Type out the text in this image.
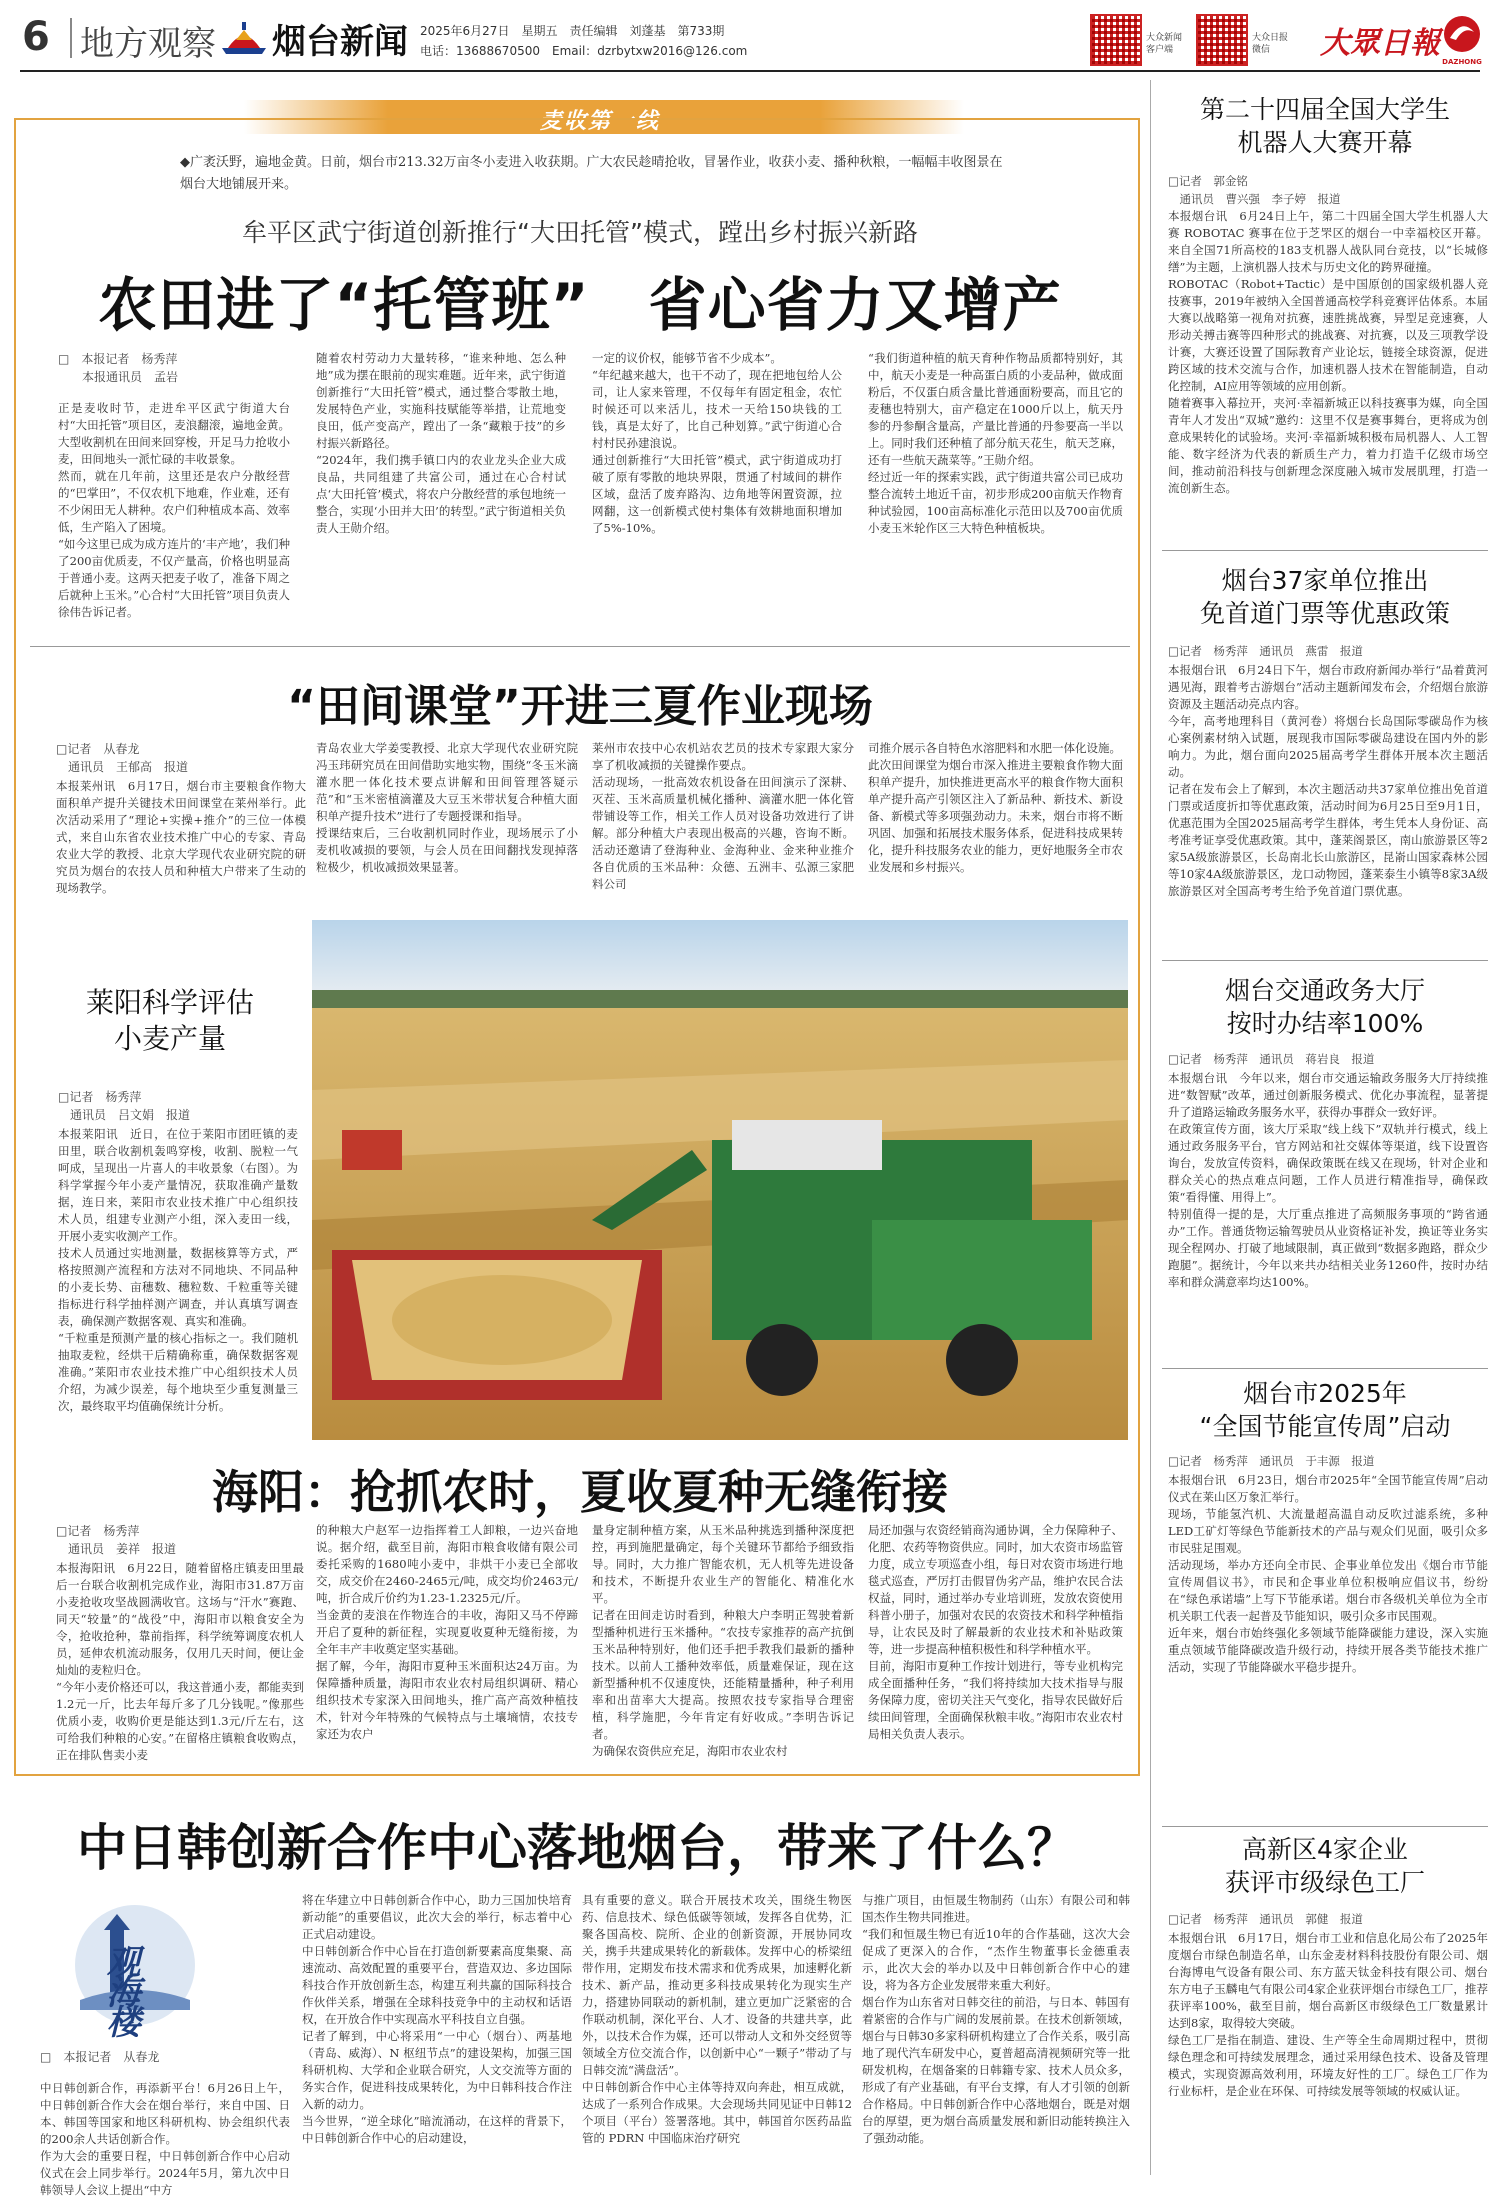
6 地方观察 烟台新闻 2025年6月27日　星期五　责任编辑　刘蓬基　第733期
电话：13688670500　Email：dzrbytxw2016@126.com
大众新闻
客户端
大众日报
微信	大眾日報
DAZHONG
麦收第一线
◆广袤沃野，遍地金黄。日前，烟台市213.32万亩冬小麦进入收获期。广大农民趁晴抢收，冒暑作业，收获小麦、播种秋粮，一幅幅丰收图景在烟台大地铺展开来。
牟平区武宁街道创新推行“大田托管”模式，蹚出乡村振兴新路
农田进了“托管班”　省心省力又增产
□　本报记者　杨秀萍
　　本报通讯员　孟岩
正是麦收时节，走进牟平区武宁街道大台村“大田托管”项目区，麦浪翻滚，遍地金黄。大型收割机在田间来回穿梭，开足马力抢收小麦，田间地头一派忙碌的丰收景象。
然而，就在几年前，这里还是农户分散经营的“巴掌田”，不仅农机下地难，作业难，还有不少闲田无人耕种。农户们种植成本高、效率低，生产陷入了困境。
“如今这里已成为成方连片的‘丰产地’，我们种了200亩优质麦，不仅产量高，价格也明显高于普通小麦。这两天把麦子收了，准备下周之后就种上玉米。”心合村“大田托管”项目负责人徐伟告诉记者。
随着农村劳动力大量转移，“谁来种地、怎么种地”成为摆在眼前的现实难题。近年来，武宁街道创新推行“大田托管”模式，通过整合零散土地，发展特色产业，实施科技赋能等举措，让荒地变良田，低产变高产，蹚出了一条“藏粮于技”的乡村振兴新路径。
“2024年，我们携手镇口内的农业龙头企业大成良品，共同组建了共富公司，通过在心合村试点‘大田托管’模式，将农户分散经营的承包地统一整合，实现‘小田并大田’的转型。”武宁街道相关负责人王勋介绍。
一定的议价权，能够节省不少成本”。
“年纪越来越大，也干不动了，现在把地包给人公司，让人家来管理，不仅每年有固定租金，农忙时候还可以来活儿，技术一天给150块钱的工钱，真是太好了，比自己种划算。”武宁街道心合村村民孙建浪说。
通过创新推行“大田托管”模式，武宁街道成功打破了原有零散的地块界限，贯通了村域间的耕作区域，盘活了废弃路沟、边角地等闲置资源，拉网翻，这一创新模式使村集体有效耕地面积增加了5%-10%。
“我们街道种植的航天育种作物品质都特别好，其中，航天小麦是一种高蛋白质的小麦品种，做成面粉后，不仅蛋白质含量比普通面粉要高，而且它的麦穗也特别大，亩产稳定在1000斤以上，航天丹参的丹参酮含量高，产量比普通的丹参要高一半以上。同时我们还种植了部分航天花生，航天芝麻，还有一些航天蔬菜等。”王勋介绍。
经过近一年的探索实践，武宁街道共富公司已成功整合流转土地近千亩，初步形成200亩航天作物育种试验园，100亩高标准化示范田以及700亩优质小麦玉米轮作区三大特色种植板块。
“田间课堂”开进三夏作业现场
□记者　从春龙
　通讯员　王郁高　报道
本报莱州讯　6月17日，烟台市主要粮食作物大面积单产提升关键技术田间课堂在莱州举行。此次活动采用了“理论+实操+推介”的三位一体模式，来自山东省农业技术推广中心的专家、青岛农业大学的教授、北京大学现代农业研究院的研究员为烟台的农技人员和种植大户带来了生动的现场教学。
青岛农业大学姜雯教授、北京大学现代农业研究院冯玉玮研究员在田间借助实地实物，围绕“冬玉米滴灌水肥一体化技术要点讲解和田间管理答疑示范”和“玉米密植滴灌及大豆玉米带状复合种植大面积单产提升技术”进行了专题授课和指导。
授课结束后，三台收割机同时作业，现场展示了小麦机收减损的要领，与会人员在田间翻找发现掉落粒极少，机收减损效果显著。
莱州市农技中心农机站农艺员的技术专家跟大家分享了机收减损的关键操作要点。
活动现场，一批高效农机设备在田间演示了深耕、灭茬、玉米高质量机械化播种、滴灌水肥一体化管带铺设等工作，相关工作人员对设备功效进行了讲解。部分种植大户表现出极高的兴趣，咨询不断。活动还邀请了登海种业、金海种业、金来种业推介各自优质的玉米品种：众德、五洲丰、弘源三家肥料公司
司推介展示各自特色水溶肥料和水肥一体化设施。
此次田间课堂为烟台市深入推进主要粮食作物大面积单产提升，加快推进更高水平的粮食作物大面积单产提升高产引领区注入了新品种、新技术、新设备、新模式等多项强劲动力。未来，烟台市将不断巩固、加强和拓展技术服务体系，促进科技成果转化，提升科技服务农业的能力，更好地服务全市农业发展和乡村振兴。
莱阳科学评估
小麦产量
□记者　杨秀萍
　通讯员　吕文娟　报道
本报莱阳讯　近日，在位于莱阳市团旺镇的麦田里，联合收割机轰鸣穿梭，收割、脱粒一气呵成，呈现出一片喜人的丰收景象（右图）。为科学掌握今年小麦产量情况，获取准确产量数据，连日来，莱阳市农业技术推广中心组织技术人员，组建专业测产小组，深入麦田一线，开展小麦实收测产工作。
技术人员通过实地测量，数据核算等方式，严格按照测产流程和方法对不同地块、不同品种的小麦长势、亩穗数、穗粒数、千粒重等关键指标进行科学抽样测产调查，并认真填写调查表，确保测产数据客观、真实和准确。
“千粒重是预测产量的核心指标之一。我们随机抽取麦粒，经烘干后精确称重，确保数据客观准确。”莱阳市农业技术推广中心组织技术人员介绍，为减少误差，每个地块至少重复测量三次，最终取平均值确保统计分析。
海阳：抢抓农时，夏收夏种无缝衔接
□记者　杨秀萍
　通讯员　姜祥　报道
本报海阳讯　6月22日，随着留格庄镇麦田里最后一台联合收割机完成作业，海阳市31.87万亩小麦抢收攻坚战圆满收官。这场与“汗水”赛跑、同天“较量”的“战役”中，海阳市以粮食安全为令，抢收抢种，靠前指挥，科学统筹调度农机人员，延伸农机流动服务，仅用几天时间，便让金灿灿的麦粒归仓。
“今年小麦价格还可以，我这普通小麦，都能卖到1.2元一斤，比去年每斤多了几分钱呢。”像那些优质小麦，收购价更是能达到1.3元/斤左右，这可给我们种粮的心安。”在留格庄镇粮食收购点，正在排队售卖小麦
的种粮大户赵军一边指挥着工人卸粮，一边兴奋地说。据介绍，截至目前，海阳市粮食收储有限公司委托采购的1680吨小麦中，非烘干小麦已全部收交，成交价在2460-2465元/吨，成交均价2463元/吨，折合成斤价约为1.23-1.2325元/斤。
当金黄的麦浪在作物连合的丰收，海阳又马不停蹄开启了夏种的新征程，实现夏收夏种无缝衔接，为全年丰产丰收奠定坚实基础。
据了解，今年，海阳市夏种玉米面积达24万亩。为保障播种质量，海阳市农业农村局组织调研、精心组织技术专家深入田间地头，推广高产高效种植技术，针对今年特殊的气候特点与土壤墒情，农技专家还为农户
量身定制种植方案，从玉米品种挑选到播种深度把控，再到施肥量确定，每个关键环节都给予细致指导。同时，大力推广智能农机，无人机等先进设备和技术，不断提升农业生产的智能化、精准化水平。
记者在田间走访时看到，种粮大户李明正驾驶着新型播种机进行玉米播种。“农技专家推荐的高产抗倒玉米品种特别好，他们还手把手教我们最新的播种技术。以前人工播种效率低，质量难保证，现在这新型播种机不仅速度快，还能精量播种，种子利用率和出苗率大大提高。按照农技专家指导合理密植，科学施肥，今年肯定有好收成。”李明告诉记者。
为确保农资供应充足，海阳市农业农村
局还加强与农资经销商沟通协调，全力保障种子、化肥、农药等物资供应。同时，加大农资市场监管力度，成立专项巡查小组，每日对农资市场进行地毯式巡查，严厉打击假冒伪劣产品，维护农民合法权益，同时，通过举办专业培训班，发放农资使用科普小册子，加强对农民的农资技术和科学种植指导，让农民及时了解最新的农业技术和补贴政策等，进一步提高种植积极性和科学种植水平。
目前，海阳市夏种工作按计划进行，等专业机构完成全面播种任务，“我们将持续加大技术指导与服务保障力度，密切关注天气变化，指导农民做好后续田间管理，全面确保秋粮丰收。”海阳市农业农村局相关负责人表示。
中日韩创新合作中心落地烟台，带来了什么？
观海楼
□　本报记者　从春龙
中日韩创新合作，再添新平台！6月26日上午，中日韩创新合作大会在烟台举行，来自中国、日本、韩国等国家和地区科研机构、协会组织代表的200余人共话创新合作。
作为大会的重要日程，中日韩创新合作中心启动仪式在会上同步举行。2024年5月，第九次中日韩领导人会议上提出“中方
将在华建立中日韩创新合作中心，助力三国加快培育新动能”的重要倡议，此次大会的举行，标志着中心正式启动建设。
中日韩创新合作中心旨在打造创新要素高度集聚、高速流动、高效配置的重要平台，营造双边、多边国际科技合作开放创新生态，构建互利共赢的国际科技合作伙伴关系，增强在全球科技竞争中的主动权和话语权，在开放合作中实现高水平科技自立自强。
记者了解到，中心将采用“一中心（烟台）、两基地（青岛、威海）、N 枢纽节点”的建设架构，加强三国科研机构、大学和企业联合研究，人文交流等方面的务实合作，促进科技成果转化，为中日韩科技合作注入新的动力。
当今世界，“逆全球化”暗流涌动，在这样的背景下，中日韩创新合作中心的启动建设，
具有重要的意义。联合开展技术攻关，围绕生物医药、信息技术、绿色低碳等领域，发挥各自优势，汇聚各国高校、院所、企业的创新资源，开展协同攻关，携手共建成果转化的新载体。发挥中心的桥梁纽带作用，定期发布技术需求和优秀成果，加速孵化新技术、新产品，推动更多科技成果转化为现实生产力，搭建协同联动的新机制，建立更加广泛紧密的合作联动机制，深化平台、人才、设备的共建共享，此外，以技术合作为媒，还可以带动人文和外交经贸等领域全方位交流合作，以创新中心“一颗子”带动了与日韩交流“满盘活”。
中日韩创新合作中心主体等持双向奔赴，相互成就，达成了一系列合作成果。大会现场共同见证中日韩12个项目（平台）签署落地。其中，韩国首尔医药品监管的 PDRN 中国临床治疗研究
与推广项目，由恒晟生物制药（山东）有限公司和韩国杰作生物共同推进。
“我们和恒晟生物已有近10年的合作基础，这次大会促成了更深入的合作，“杰作生物董事长金德重表示，此次大会的举办以及中日韩创新合作中心的建设，将为各方企业发展带来重大利好。
烟台作为山东省对日韩交往的前沿，与日本、韩国有着紧密的合作与广阔的发展前景。在技术创新领域，烟台与日韩30多家科研机构建立了合作关系，吸引高地了现代汽车研发中心，夏普超高清视频研究等一批研发机构，在烟备案的日韩籍专家、技术人员众多，形成了有产业基础，有平台支撑，有人才引领的创新合作格局。中日韩创新合作中心落地烟台，既是对烟台的厚望，更为烟台高质量发展和新旧动能转换注入了强劲动能。
第二十四届全国大学生
机器人大赛开幕
□记者　郭金铭
　通讯员　曹兴强　李子婷　报道
本报烟台讯　6月24日上午，第二十四届全国大学生机器人大赛 ROBOTAC 赛事在位于芝罘区的烟台一中幸福校区开幕。来自全国71所高校的183支机器人战队同台竞技，以“长城修缮”为主题，上演机器人技术与历史文化的跨界碰撞。
ROBOTAC（Robot+Tactic）是中国原创的国家级机器人竞技赛事，2019年被纳入全国普通高校学科竞赛评估体系。本届大赛以战略第一视角对抗赛，速胜挑战赛，异型足竞速赛，人形动关搏击赛等四种形式的挑战赛、对抗赛，以及三项教学设计赛，大赛还设置了国际教育产业论坛，链接全球资源，促进跨区域的技术交流与合作，加速机器人技术在智能制造，自动化控制，AI应用等领域的应用创新。
随着赛事入幕拉开，夹河·幸福新城正以科技赛事为媒，向全国青年人才发出“双城”邀约：这里不仅是赛事舞台，更将成为创意成果转化的试验场。夹河·幸福新城积极布局机器人、人工智能、数字经济为代表的新质生产力，着力打造千亿级市场空间，推动前沿科技与创新理念深度融入城市发展肌理，打造一流创新生态。
烟台37家单位推出
免首道门票等优惠政策
□记者　杨秀萍　通讯员　燕雷　报道
本报烟台讯　6月24日下午，烟台市政府新闻办举行“品着黄河遇见海，跟着考古游烟台”活动主题新闻发布会，介绍烟台旅游资源及主题活动亮点内容。
今年，高考地理科目（黄河卷）将烟台长岛国际零碳岛作为核心案例素材纳入试题，展现我市国际零碳岛建设在国内外的影响力。为此，烟台面向2025届高考学生群体开展本次主题活动。
记者在发布会上了解到，本次主题活动共37家单位推出免首道门票或适度折扣等优惠政策，活动时间为6月25日至9月1日，优惠范围为全国2025届高考学生群体，考生凭本人身份证、高考准考证享受优惠政策。其中，蓬莱阁景区，南山旅游景区等2家5A级旅游景区，长岛南北长山旅游区，昆嵛山国家森林公园等10家4A级旅游景区，龙口动物园，蓬莱泰生小镇等8家3A级旅游景区对全国高考考生给予免首道门票优惠。
烟台交通政务大厅
按时办结率100%
□记者　杨秀萍　通讯员　蒋岩良　报道
本报烟台讯　今年以来，烟台市交通运输政务服务大厅持续推进“数智赋”改革，通过创新服务模式、优化办事流程，显著提升了道路运输政务服务水平，获得办事群众一致好评。
在政策宣传方面，该大厅采取“线上线下”双轨并行模式，线上通过政务服务平台，官方网站和社交媒体等渠道，线下设置咨询台，发放宣传资料，确保政策既在线又在现场，针对企业和群众关心的热点难点问题，工作人员进行精准指导，确保政策“看得懂、用得上”。
特别值得一提的是，大厅重点推进了高频服务事项的“跨省通办”工作。普通货物运输驾驶员从业资格证补发，换证等业务实现全程网办、打破了地域限制，真正做到“数据多跑路，群众少跑腿”。据统计，今年以来共办结相关业务1260件，按时办结率和群众满意率均达100%。
烟台市2025年
“全国节能宣传周”启动
□记者　杨秀萍　通讯员　于丰源　报道
本报烟台讯　6月23日，烟台市2025年“全国节能宣传周”启动仪式在莱山区万象汇举行。
现场，节能氢汽机、大流量超高温自动反吹过滤系统，多种LED工矿灯等绿色节能新技术的产品与观众们见面，吸引众多市民驻足围观。
活动现场，举办方还向全市民、企事业单位发出《烟台市节能宣传周倡议书》，市民和企事业单位积极响应倡议书，纷纷在“绿色承诺墙”上写下节能承诺。烟台市各级机关单位为全市机关职工代表一起普及节能知识，吸引众多市民围观。
近年来，烟台市始终强化多领域节能降碳能力建设，深入实施重点领域节能降碳改造升级行动，持续开展各类节能技术推广活动，实现了节能降碳水平稳步提升。
高新区4家企业
获评市级绿色工厂
□记者　杨秀萍　通讯员　郭健　报道
本报烟台讯　6月17日，烟台市工业和信息化局公布了2025年度烟台市绿色制造名单，山东金麦材料科技股份有限公司、烟台海博电气设备有限公司、东方蓝天钛金科技有限公司、烟台东方电子玉麟电气有限公司4家企业获评烟台市绿色工厂，推荐获评率100%，截至目前，烟台高新区市级绿色工厂数量累计达到8家，取得较大突破。
绿色工厂是指在制造、建设、生产等全生命周期过程中，贯彻绿色理念和可持续发展理念，通过采用绿色技术、设备及管理模式，实现资源高效利用，环境友好性的工厂。绿色工厂作为行业标杆，是企业在环保、可持续发展等领域的权威认证。
